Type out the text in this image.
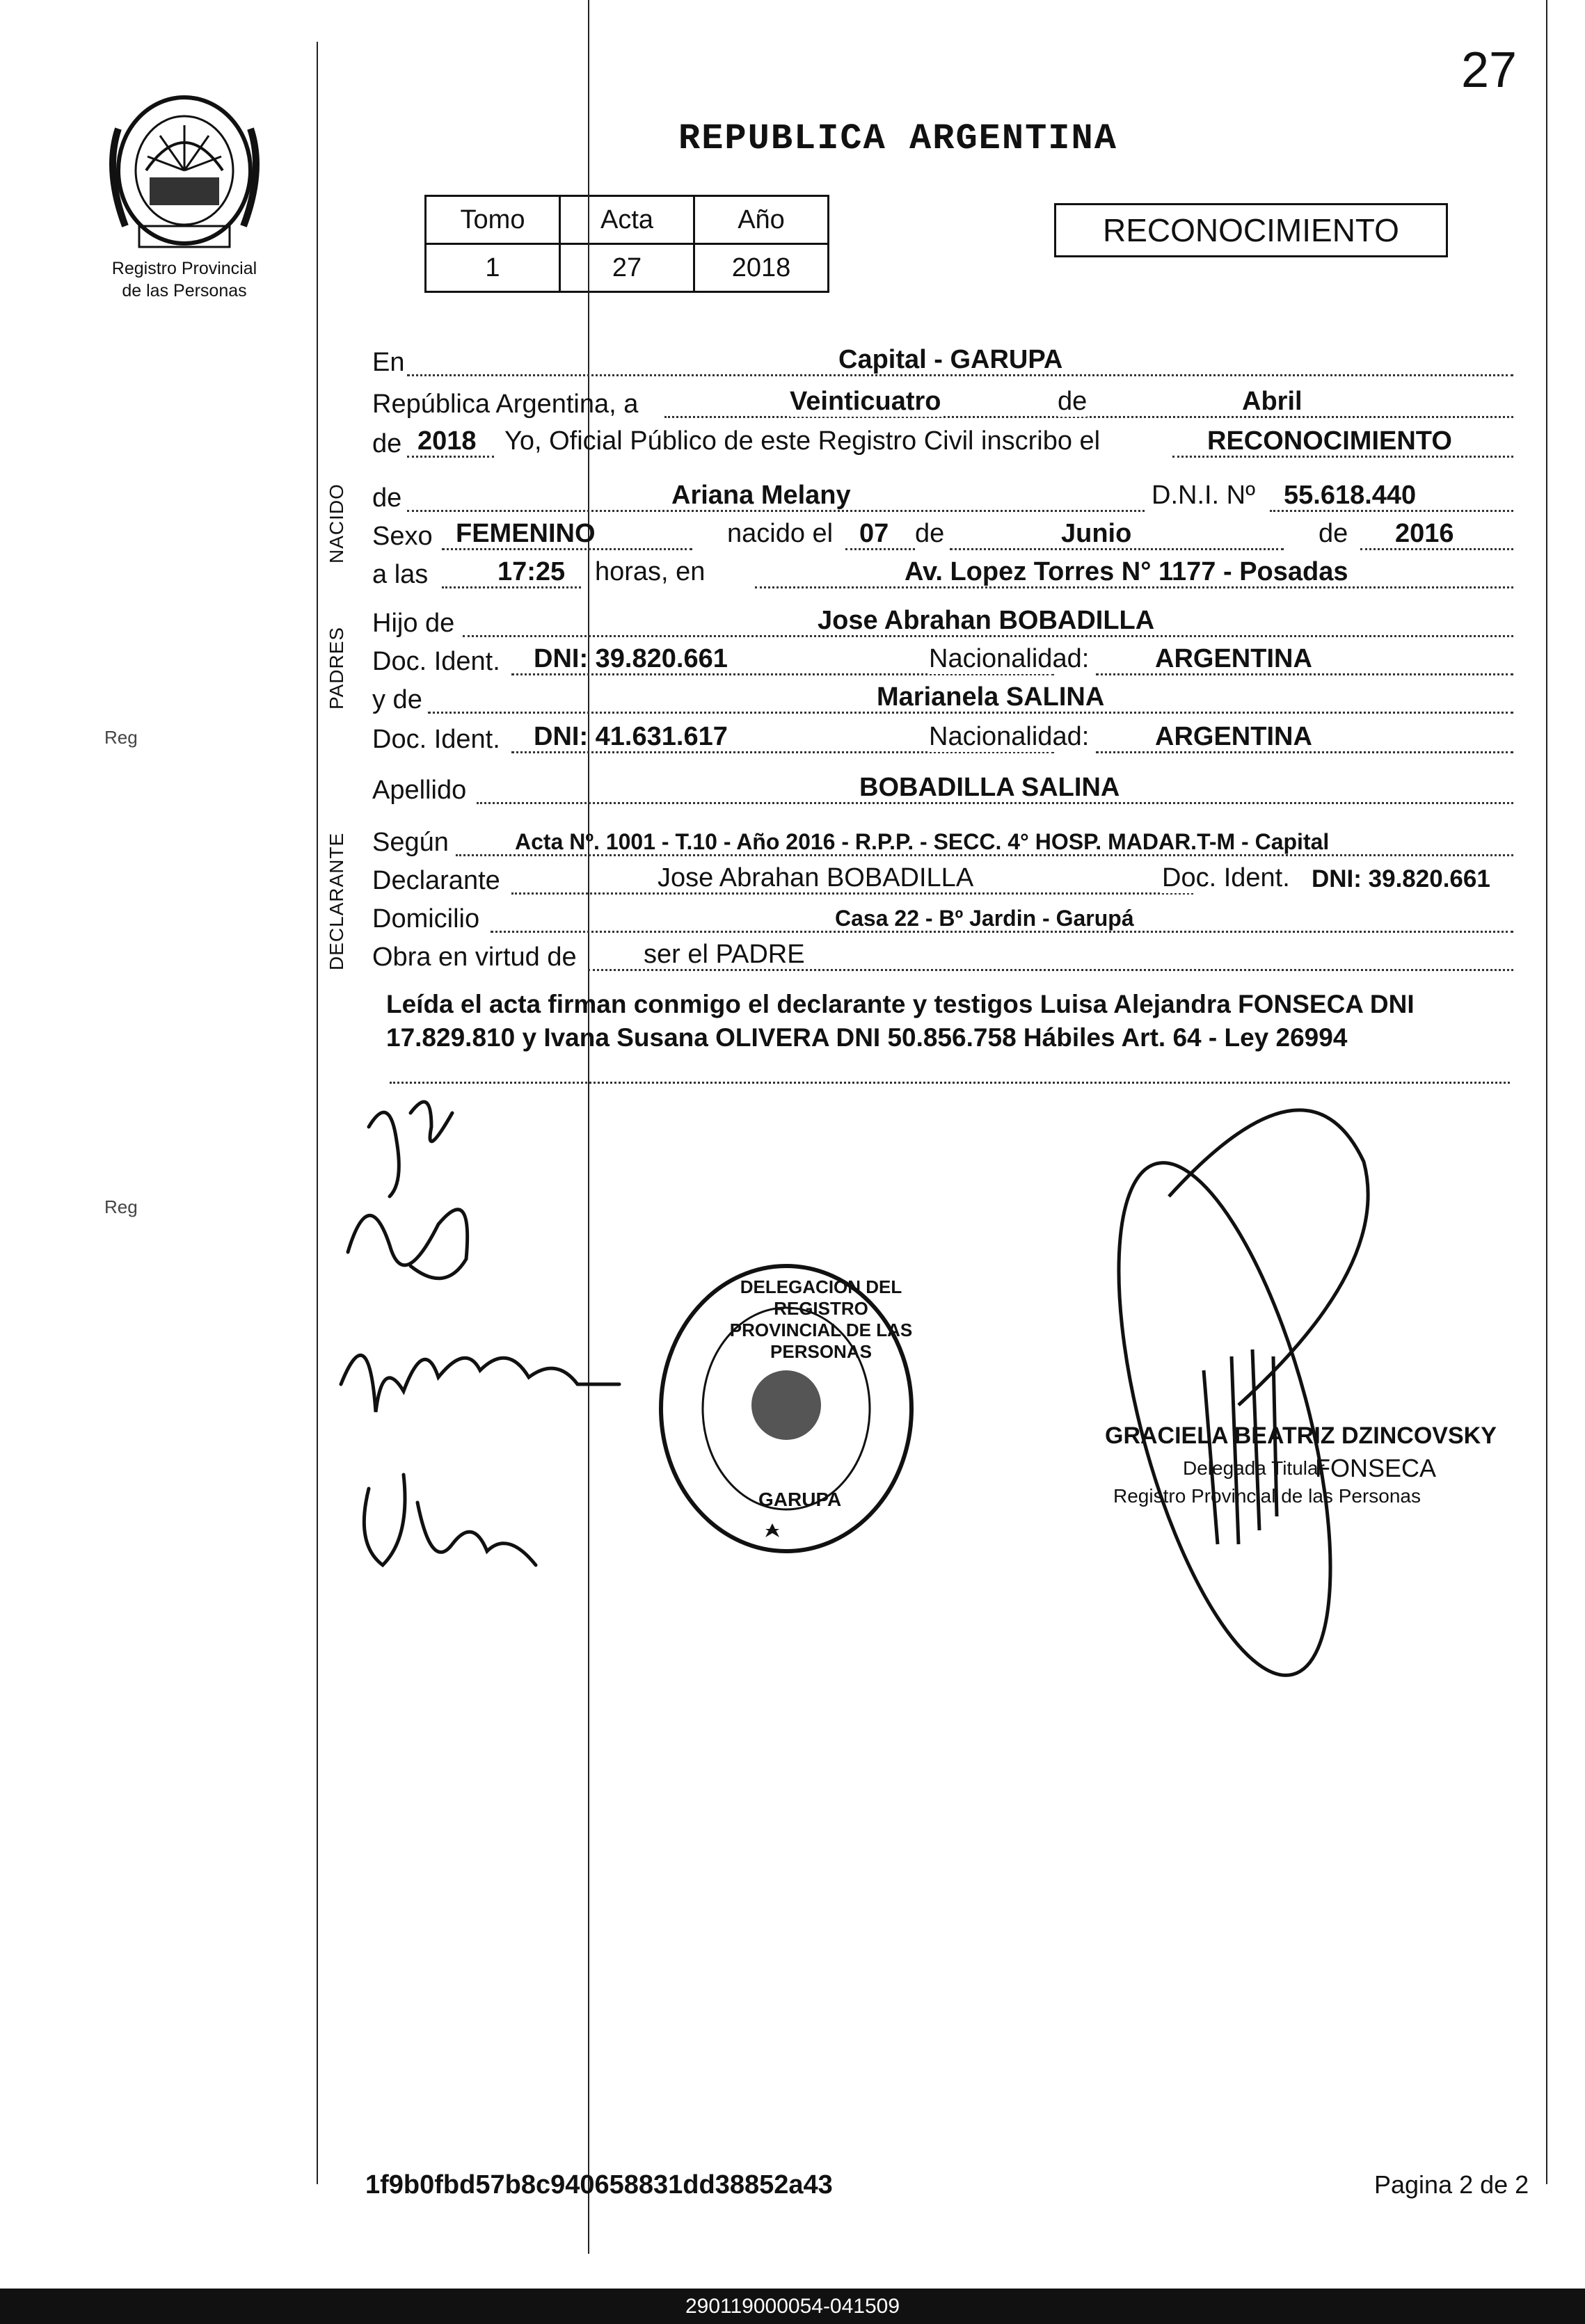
27
Registro Provincial
de las Personas
REPUBLICA ARGENTINA
Tomo	Acta	Año
1	27	2018
RECONOCIMIENTO
NACIDO
PADRES
DECLARANTE
En	Capital - GARUPA
República Argentina, a	Veinticuatro	de	Abril
de 2018 Yo, Oficial Público de este Registro Civil inscribo el	RECONOCIMIENTO
de	Ariana Melany	D.N.I. Nº 55.618.440
Sexo FEMENINO	nacido el 07 de	Junio	de 2016
a las	17:25 horas, en	Av. Lopez Torres N° 1177 - Posadas
Hijo de	Jose Abrahan BOBADILLA
Doc. Ident. DNI: 39.820.661	Nacionalidad: ARGENTINA
y de	Marianela SALINA
Doc. Ident. DNI: 41.631.617	Nacionalidad: ARGENTINA
Apellido	BOBADILLA SALINA
Según	Acta Nº. 1001 - T.10 - Año 2016 - R.P.P. - SECC. 4° HOSP. MADAR.T-M - Capital
Declarante	Jose Abrahan BOBADILLA	Doc. Ident. DNI: 39.820.661
Domicilio	Casa 22 - Bº Jardin - Garupá
Obra en virtud de	ser el PADRE
Leída el acta firman conmigo el declarante y testigos Luisa Alejandra FONSECA DNI 17.829.810 y Ivana Susana OLIVERA DNI 50.856.758 Hábiles Art. 64 - Ley 26994
DELEGACION DEL REGISTRO PROVINCIAL DE LAS PERSONAS
GARUPA
GRACIELA BEATRIZ DZINCOVSKY
Delegada Titular
Registro Provincial de las Personas
FONSECA
Reg
Reg
1f9b0fbd57b8c940658831dd38852a43	Pagina 2 de 2
290119000054-041509
